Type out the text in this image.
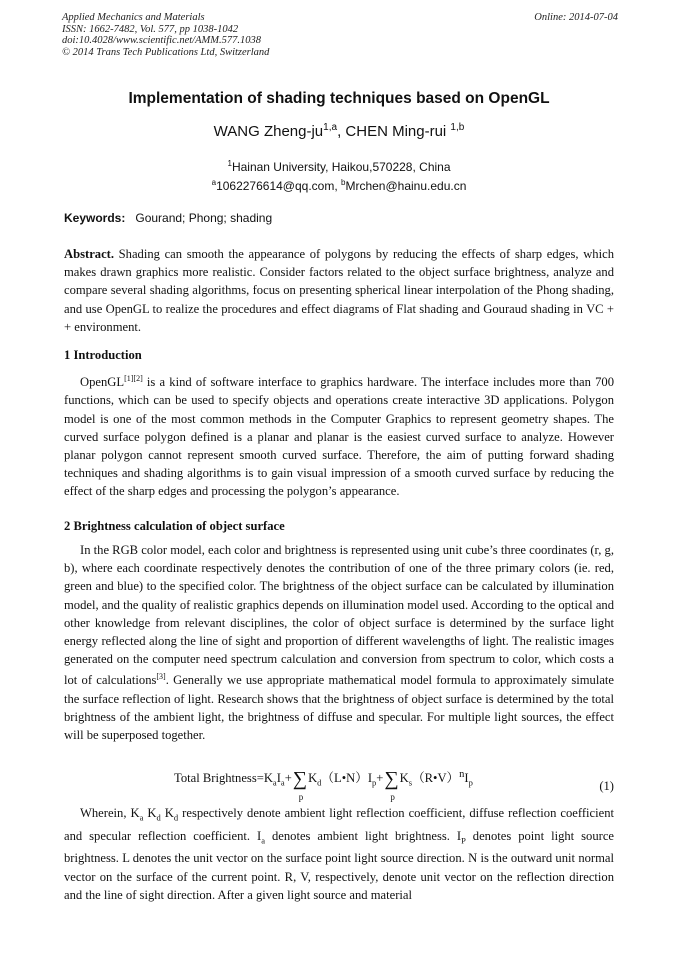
Applied Mechanics and Materials
ISSN: 1662-7482, Vol. 577, pp 1038-1042
doi:10.4028/www.scientific.net/AMM.577.1038
© 2014 Trans Tech Publications Ltd, Switzerland
Online: 2014-07-04
Implementation of shading techniques based on OpenGL
WANG Zheng-ju$^{1,a}$, CHEN Ming-rui $^{1,b}$
$^1$Hainan University, Haikou,570228, China
$^a$1062276614@qq.com, $^b$Mrchen@hainu.edu.cn
Keywords: Gourand; Phong; shading

Abstract. Shading can smooth the appearance of polygons by reducing the effects of sharp edges, which makes drawn graphics more realistic. Consider factors related to the object surface brightness, analyze and compare several shading algorithms, focus on presenting spherical linear interpolation of the Phong shading, and use OpenGL to realize the procedures and effect diagrams of Flat shading and Gouraud shading in VC + + environment.

1 Introduction

OpenGL[1][2] is a kind of software interface to graphics hardware. The interface includes more than 700 functions, which can be used to specify objects and operations create interactive 3D applications. Polygon model is one of the most common methods in the Computer Graphics to represent geometry shapes. The curved surface polygon defined is a planar and planar is the easiest curved surface to analyze. However planar polygon cannot represent smooth curved surface. Therefore, the aim of putting forward shading techniques and shading algorithms is to gain visual impression of a smooth curved surface by reducing the effect of the sharp edges and processing the polygon’s appearance.

2 Brightness calculation of object surface

In the RGB color model, each color and brightness is represented using unit cube’s three coordinates (r, g, b), where each coordinate respectively denotes the contribution of one of the three primary colors (ie. red, green and blue) to the specified color. The brightness of the object surface can be calculated by illumination model, and the quality of realistic graphics depends on illumination model used. According to the optical and other knowledge from relevant disciplines, the color of object surface is determined by the surface light energy reflected along the line of sight and proportion of different wavelengths of light. The realistic images generated on the computer need spectrum calculation and conversion from spectrum to color, which costs a lot of calculations[3]. Generally we use appropriate mathematical model formula to approximately simulate the surface reflection of light. Research shows that the brightness of object surface is determined by the total brightness of the ambient light, the brightness of diffuse and specular. For multiple light sources, the effect will be superposed together.

Total $Brightness=K_aI_a+\sum$
p
$K_d(L•N)I_p+\sum$
p
$K_s(R•V)^nI_p$	(1)

Wherein, $K_a$ $K_d$ $K_d$ respectively denote ambient light reflection coefficient, diffuse reflection coefficient and specular reflection coefficient. $I_a$ denotes ambient light brightness. $I_P$ denotes point light source brightness. L denotes the unit vector on the surface point light source direction. N is the outward unit normal vector on the surface of the current point. R, V, respectively, denote unit vector on the reflection direction and the line of sight direction. After a given light source and material
